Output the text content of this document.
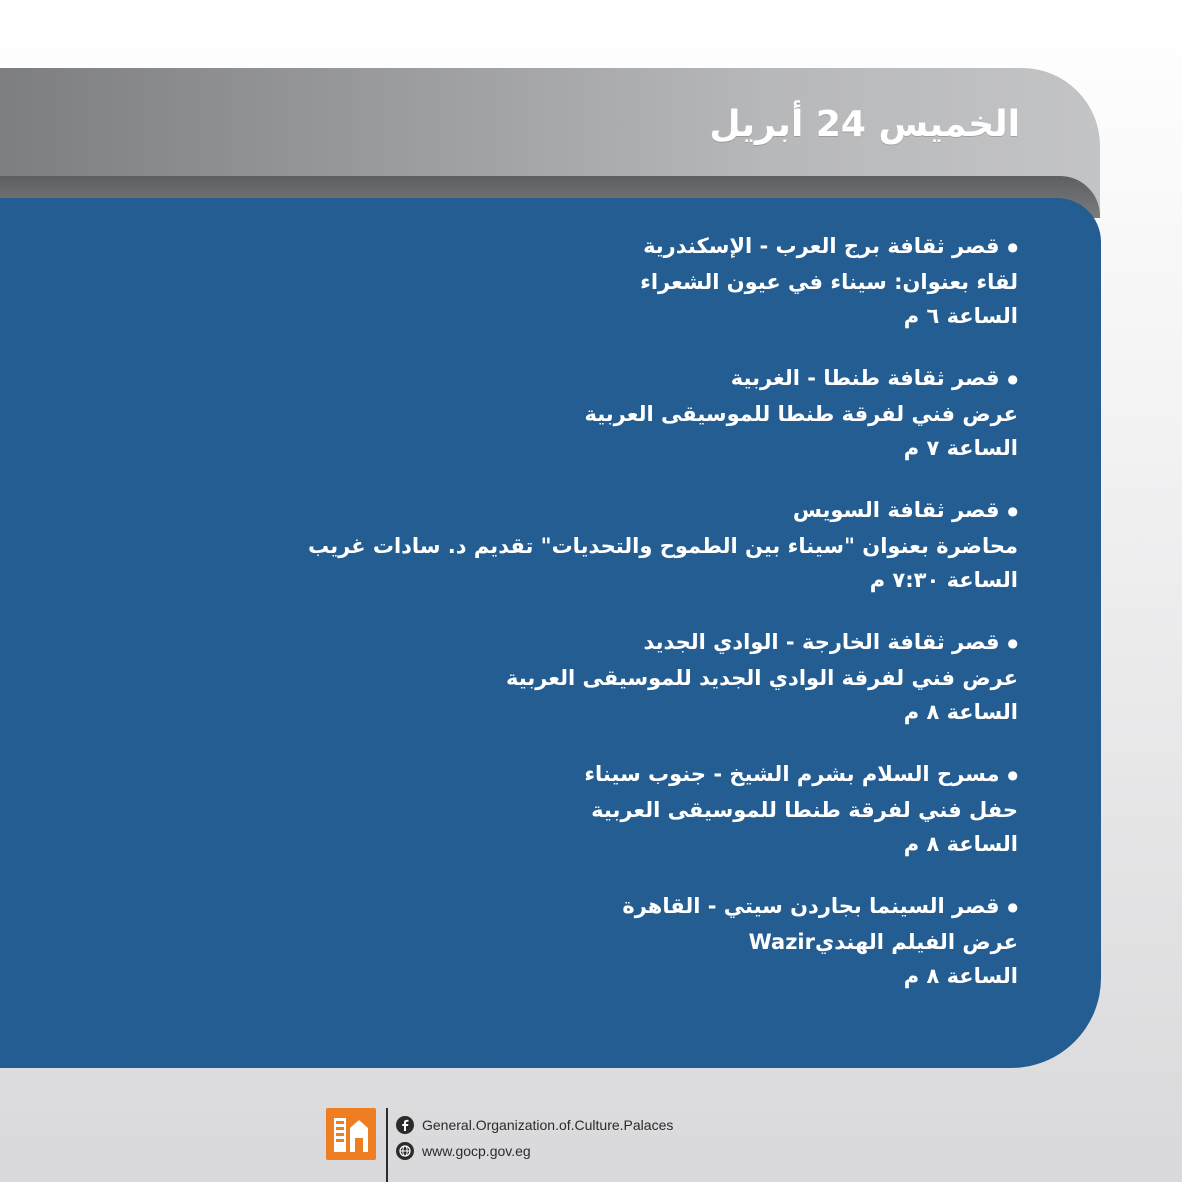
الخميس 24 أبريل
● قصر ثقافة برج العرب - الإسكندرية
لقاء بعنوان: سيناء في عيون الشعراء
الساعة ٦ م
● قصر ثقافة طنطا - الغربية
عرض فني لفرقة طنطا للموسيقى العربية
الساعة ٧ م
● قصر ثقافة السويس
محاضرة بعنوان "سيناء بين الطموح والتحديات" تقديم د. سادات غريب
الساعة ٧:٣٠ م
● قصر ثقافة الخارجة - الوادي الجديد
عرض فني لفرقة الوادي الجديد للموسيقى العربية
الساعة ٨ م
● مسرح السلام بشرم الشيخ - جنوب سيناء
حفل فني لفرقة طنطا للموسيقى العربية
الساعة ٨ م
● قصر السينما بجاردن سيتي - القاهرة
عرض الفيلم الهنديWazir
الساعة ٨ م
General.Organization.of.Culture.Palaces
www.gocp.gov.eg
